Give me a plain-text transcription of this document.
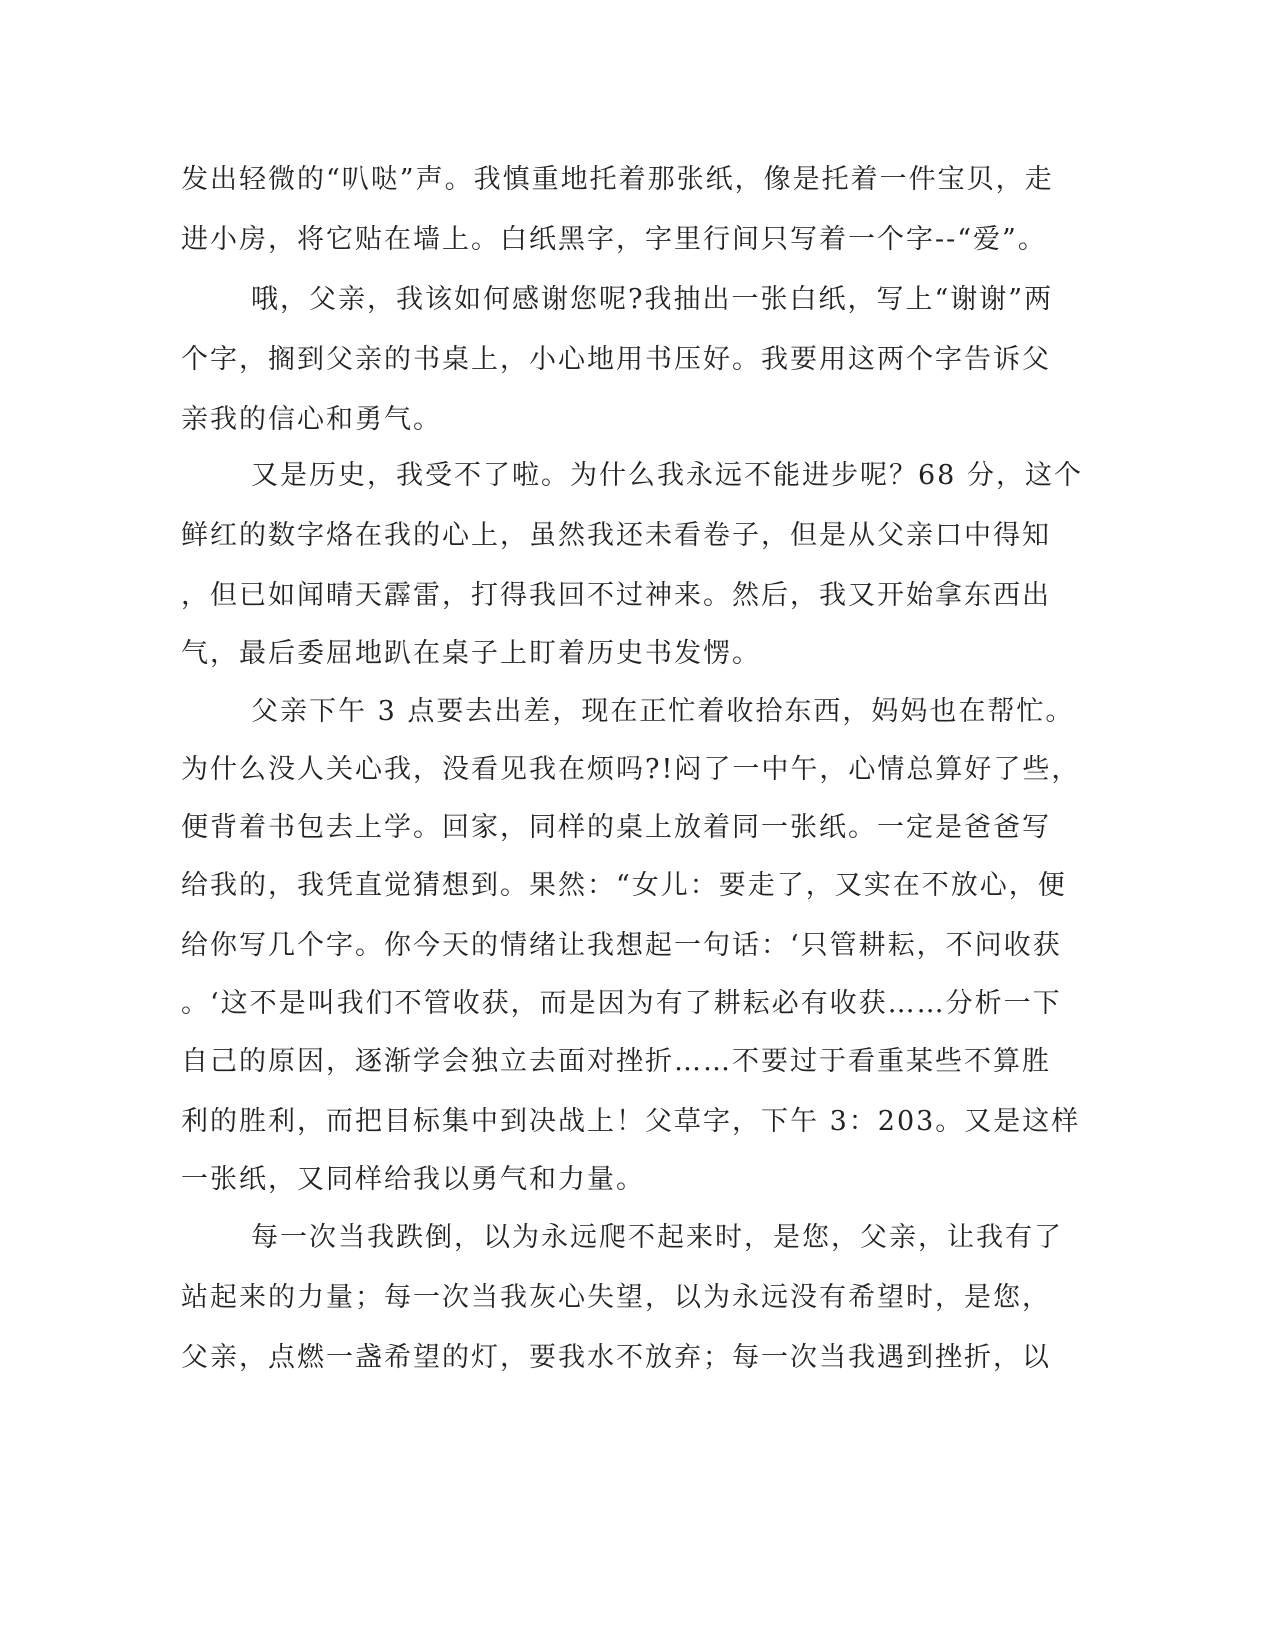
发出轻微的“叭哒”声。我慎重地托着那张纸，像是托着一件宝贝，走
进小房，将它贴在墙上。白纸黑字，字里行间只写着一个字--“爱”。
哦，父亲，我该如何感谢您呢?我抽出一张白纸，写上“谢谢”两
个字，搁到父亲的书桌上，小心地用书压好。我要用这两个字告诉父
亲我的信心和勇气。
又是历史，我受不了啦。为什么我永远不能进步呢？68 分，这个
鲜红的数字烙在我的心上，虽然我还未看卷子，但是从父亲口中得知
，但已如闻晴天霹雷，打得我回不过神来。然后，我又开始拿东西出
气，最后委屈地趴在桌子上盯着历史书发愣。
父亲下午 3 点要去出差，现在正忙着收拾东西，妈妈也在帮忙。
为什么没人关心我，没看见我在烦吗?!闷了一中午，心情总算好了些，
便背着书包去上学。回家，同样的桌上放着同一张纸。一定是爸爸写
给我的，我凭直觉猜想到。果然：“女儿：要走了，又实在不放心，便
给你写几个字。你今天的情绪让我想起一句话：‘只管耕耘，不问收获
。‘这不是叫我们不管收获，而是因为有了耕耘必有收获……分析一下
自己的原因，逐渐学会独立去面对挫折……不要过于看重某些不算胜
利的胜利，而把目标集中到决战上！父草字，下午 3：203。又是这样
一张纸，又同样给我以勇气和力量。
每一次当我跌倒，以为永远爬不起来时，是您，父亲，让我有了
站起来的力量；每一次当我灰心失望，以为永远没有希望时，是您，
父亲，点燃一盏希望的灯，要我水不放弃；每一次当我遇到挫折，以
